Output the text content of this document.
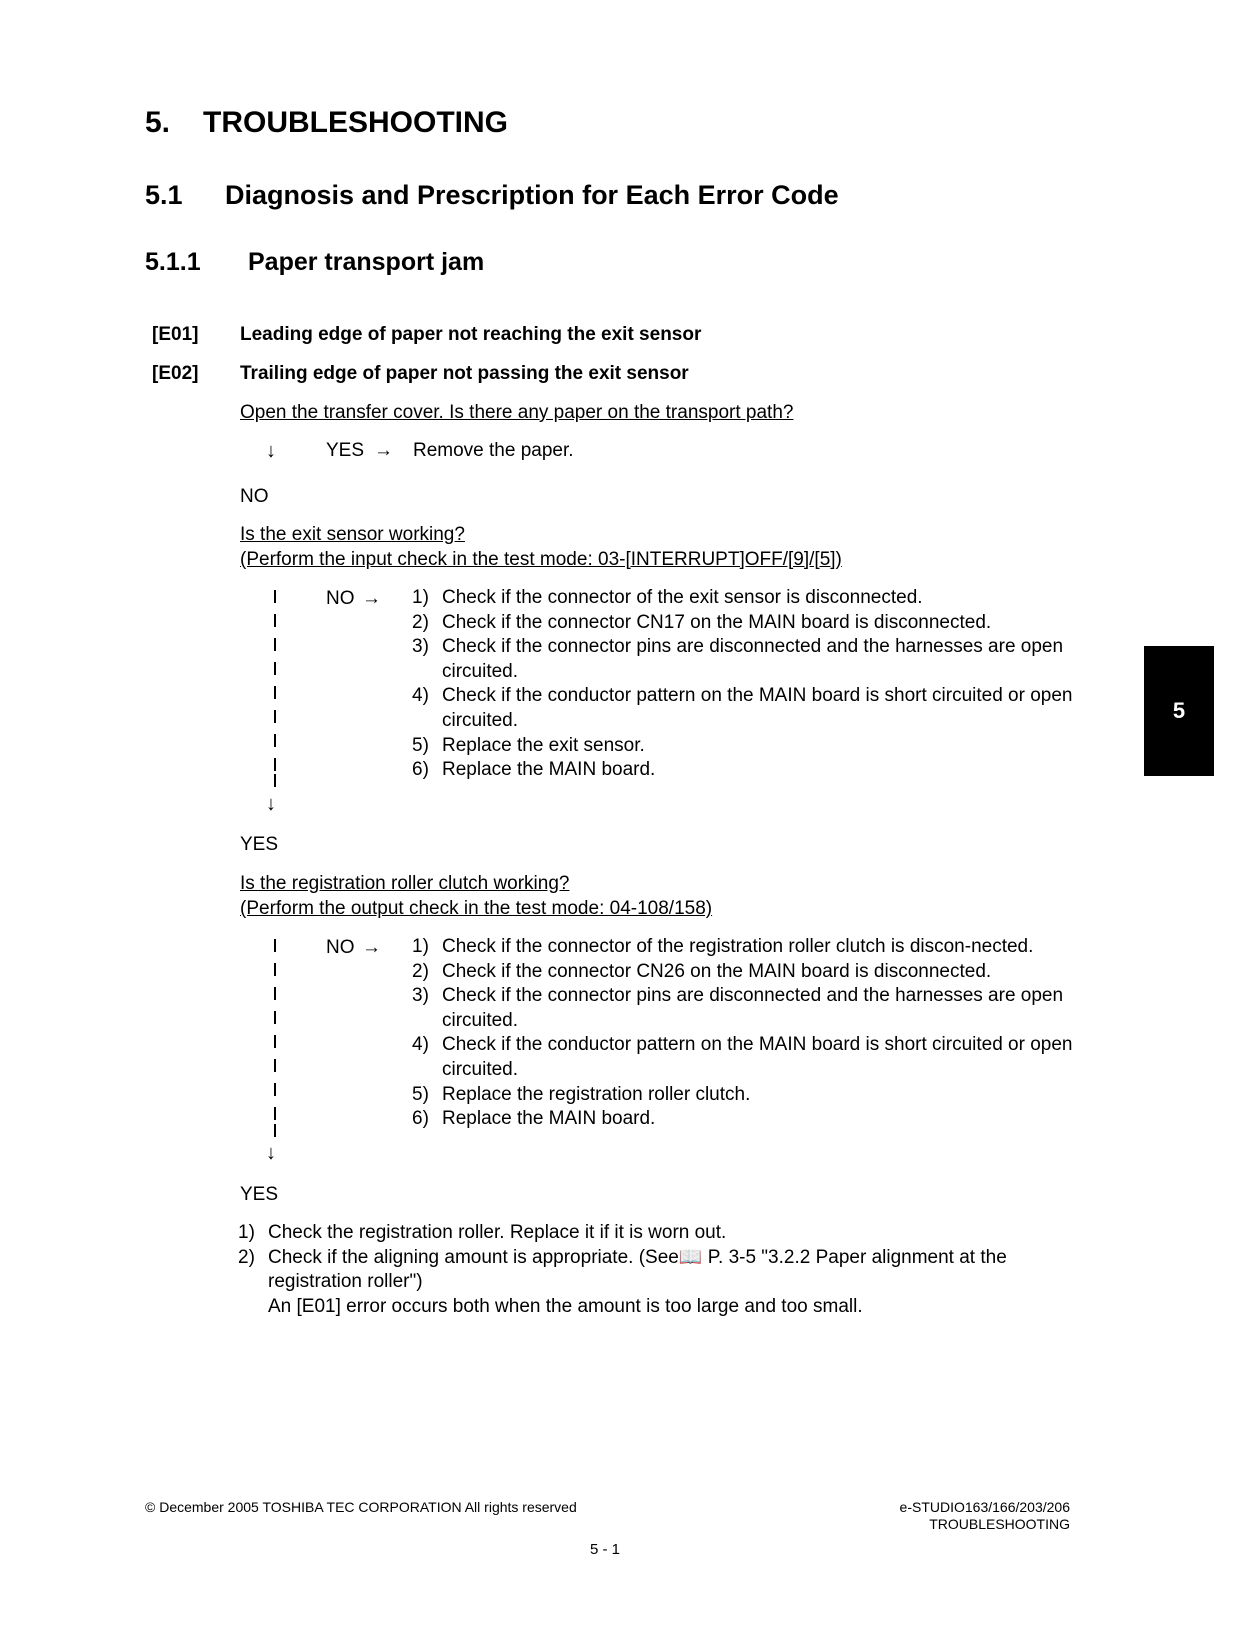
5. TROUBLESHOOTING
5.1 Diagnosis and Prescription for Each Error Code
5.1.1 Paper transport jam
[E01] Leading edge of paper not reaching the exit sensor
[E02] Trailing edge of paper not passing the exit sensor
Open the transfer cover. Is there any paper on the transport path?
↓	YES → Remove the paper.
NO
Is the exit sensor working?
(Perform the input check in the test mode: 03-[INTERRUPT]OFF/[9]/[5])
↓
NO → 1) Check if the connector of the exit sensor is disconnected.
2) Check if the connector CN17 on the MAIN board is disconnected.
3) Check if the connector pins are disconnected and the harnesses are open circuited.
4) Check if the conductor pattern on the MAIN board is short circuited or open circuited.
5) Replace the exit sensor.
6) Replace the MAIN board.
YES
Is the registration roller clutch working?
(Perform the output check in the test mode: 04-108/158)
↓
NO → 1) Check if the connector of the registration roller clutch is discon-nected.
2) Check if the connector CN26 on the MAIN board is disconnected.
3) Check if the connector pins are disconnected and the harnesses are open circuited.
4) Check if the conductor pattern on the MAIN board is short circuited or open circuited.
5) Replace the registration roller clutch.
6) Replace the MAIN board.
YES
1) Check the registration roller. Replace it if it is worn out.
2) Check if the aligning amount is appropriate. (See📖 P. 3-5 "3.2.2 Paper alignment at the registration roller")
An [E01] error occurs both when the amount is too large and too small.
5
© December 2005 TOSHIBA TEC CORPORATION All rights reserved	e-STUDIO163/166/203/206
TROUBLESHOOTING
5 - 1
